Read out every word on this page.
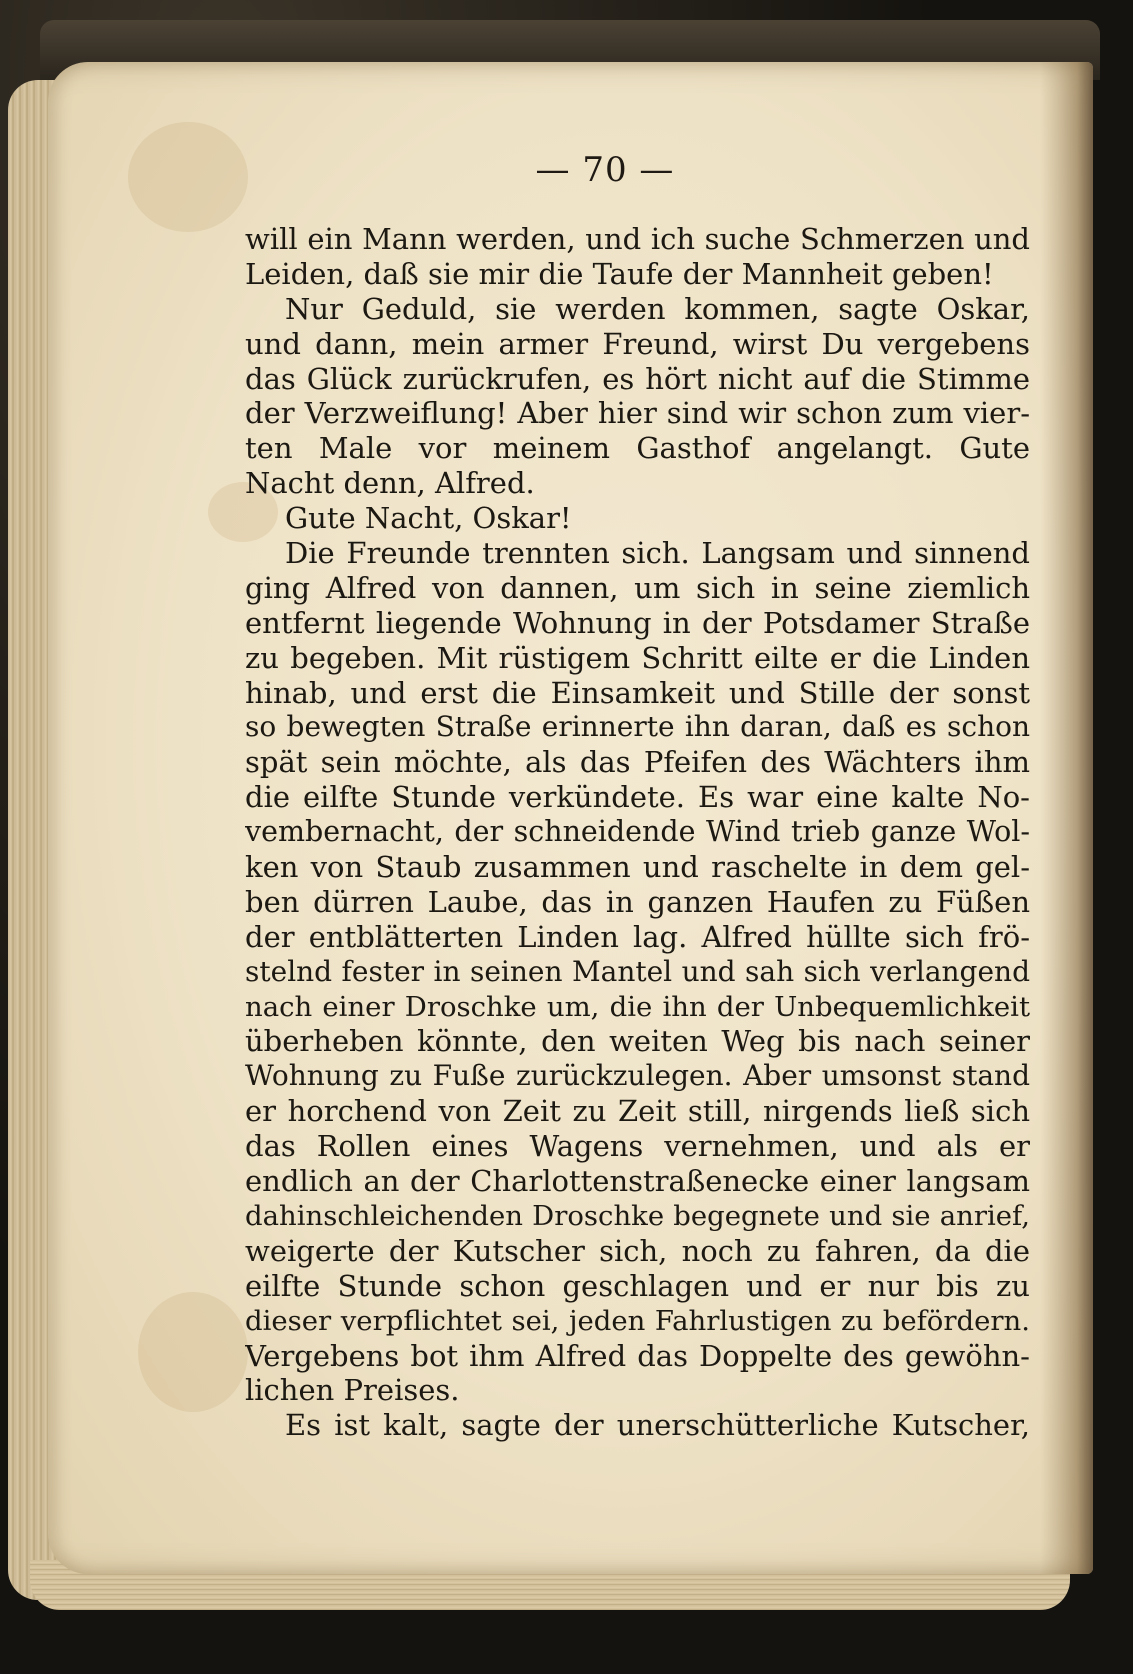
— 70 —
will ein Mann werden, und ich suche Schmerzen und
Leiden, daß sie mir die Taufe der Mannheit geben!
Nur Geduld, sie werden kommen, sagte Oskar,
und dann, mein armer Freund, wirst Du vergebens
das Glück zurückrufen, es hört nicht auf die Stimme
der Verzweiflung! Aber hier sind wir schon zum vier-
ten Male vor meinem Gasthof angelangt. Gute
Nacht denn, Alfred.
Gute Nacht, Oskar!
Die Freunde trennten sich. Langsam und sinnend
ging Alfred von dannen, um sich in seine ziemlich
entfernt liegende Wohnung in der Potsdamer Straße
zu begeben. Mit rüstigem Schritt eilte er die Linden
hinab, und erst die Einsamkeit und Stille der sonst
so bewegten Straße erinnerte ihn daran, daß es schon
spät sein möchte, als das Pfeifen des Wächters ihm
die eilfte Stunde verkündete. Es war eine kalte No-
vembernacht, der schneidende Wind trieb ganze Wol-
ken von Staub zusammen und raschelte in dem gel-
ben dürren Laube, das in ganzen Haufen zu Füßen
der entblätterten Linden lag. Alfred hüllte sich frö-
stelnd fester in seinen Mantel und sah sich verlangend
nach einer Droschke um, die ihn der Unbequemlichkeit
überheben könnte, den weiten Weg bis nach seiner
Wohnung zu Fuße zurückzulegen. Aber umsonst stand
er horchend von Zeit zu Zeit still, nirgends ließ sich
das Rollen eines Wagens vernehmen, und als er
endlich an der Charlottenstraßenecke einer langsam
dahinschleichenden Droschke begegnete und sie anrief,
weigerte der Kutscher sich, noch zu fahren, da die
eilfte Stunde schon geschlagen und er nur bis zu
dieser verpflichtet sei, jeden Fahrlustigen zu befördern.
Vergebens bot ihm Alfred das Doppelte des gewöhn-
lichen Preises.
Es ist kalt, sagte der unerschütterliche Kutscher,
